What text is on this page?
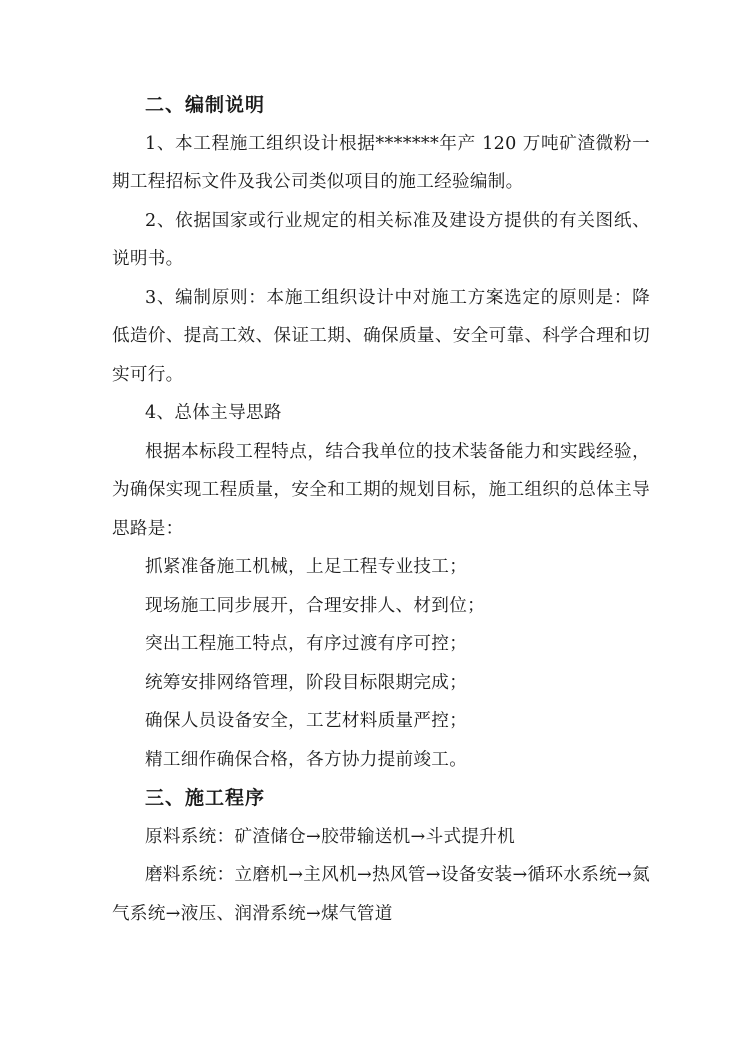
二、编制说明

1、本工程施工组织设计根据*******年产 120 万吨矿渣微粉一期工程招标文件及我公司类似项目的施工经验编制。

2、依据国家或行业规定的相关标准及建设方提供的有关图纸、说明书。

3、编制原则：本施工组织设计中对施工方案选定的原则是：降低造价、提高工效、保证工期、确保质量、安全可靠、科学合理和切实可行。

4、总体主导思路

根据本标段工程特点，结合我单位的技术装备能力和实践经验，为确保实现工程质量，安全和工期的规划目标，施工组织的总体主导思路是：

抓紧准备施工机械，上足工程专业技工；

现场施工同步展开，合理安排人、材到位；

突出工程施工特点，有序过渡有序可控；

统筹安排网络管理，阶段目标限期完成；

确保人员设备安全，工艺材料质量严控；

精工细作确保合格，各方协力提前竣工。

三、施工程序

原料系统：矿渣储仓→胶带输送机→斗式提升机

磨料系统：立磨机→主风机→热风管→设备安装→循环水系统→氮气系统→液压、润滑系统→煤气管道
